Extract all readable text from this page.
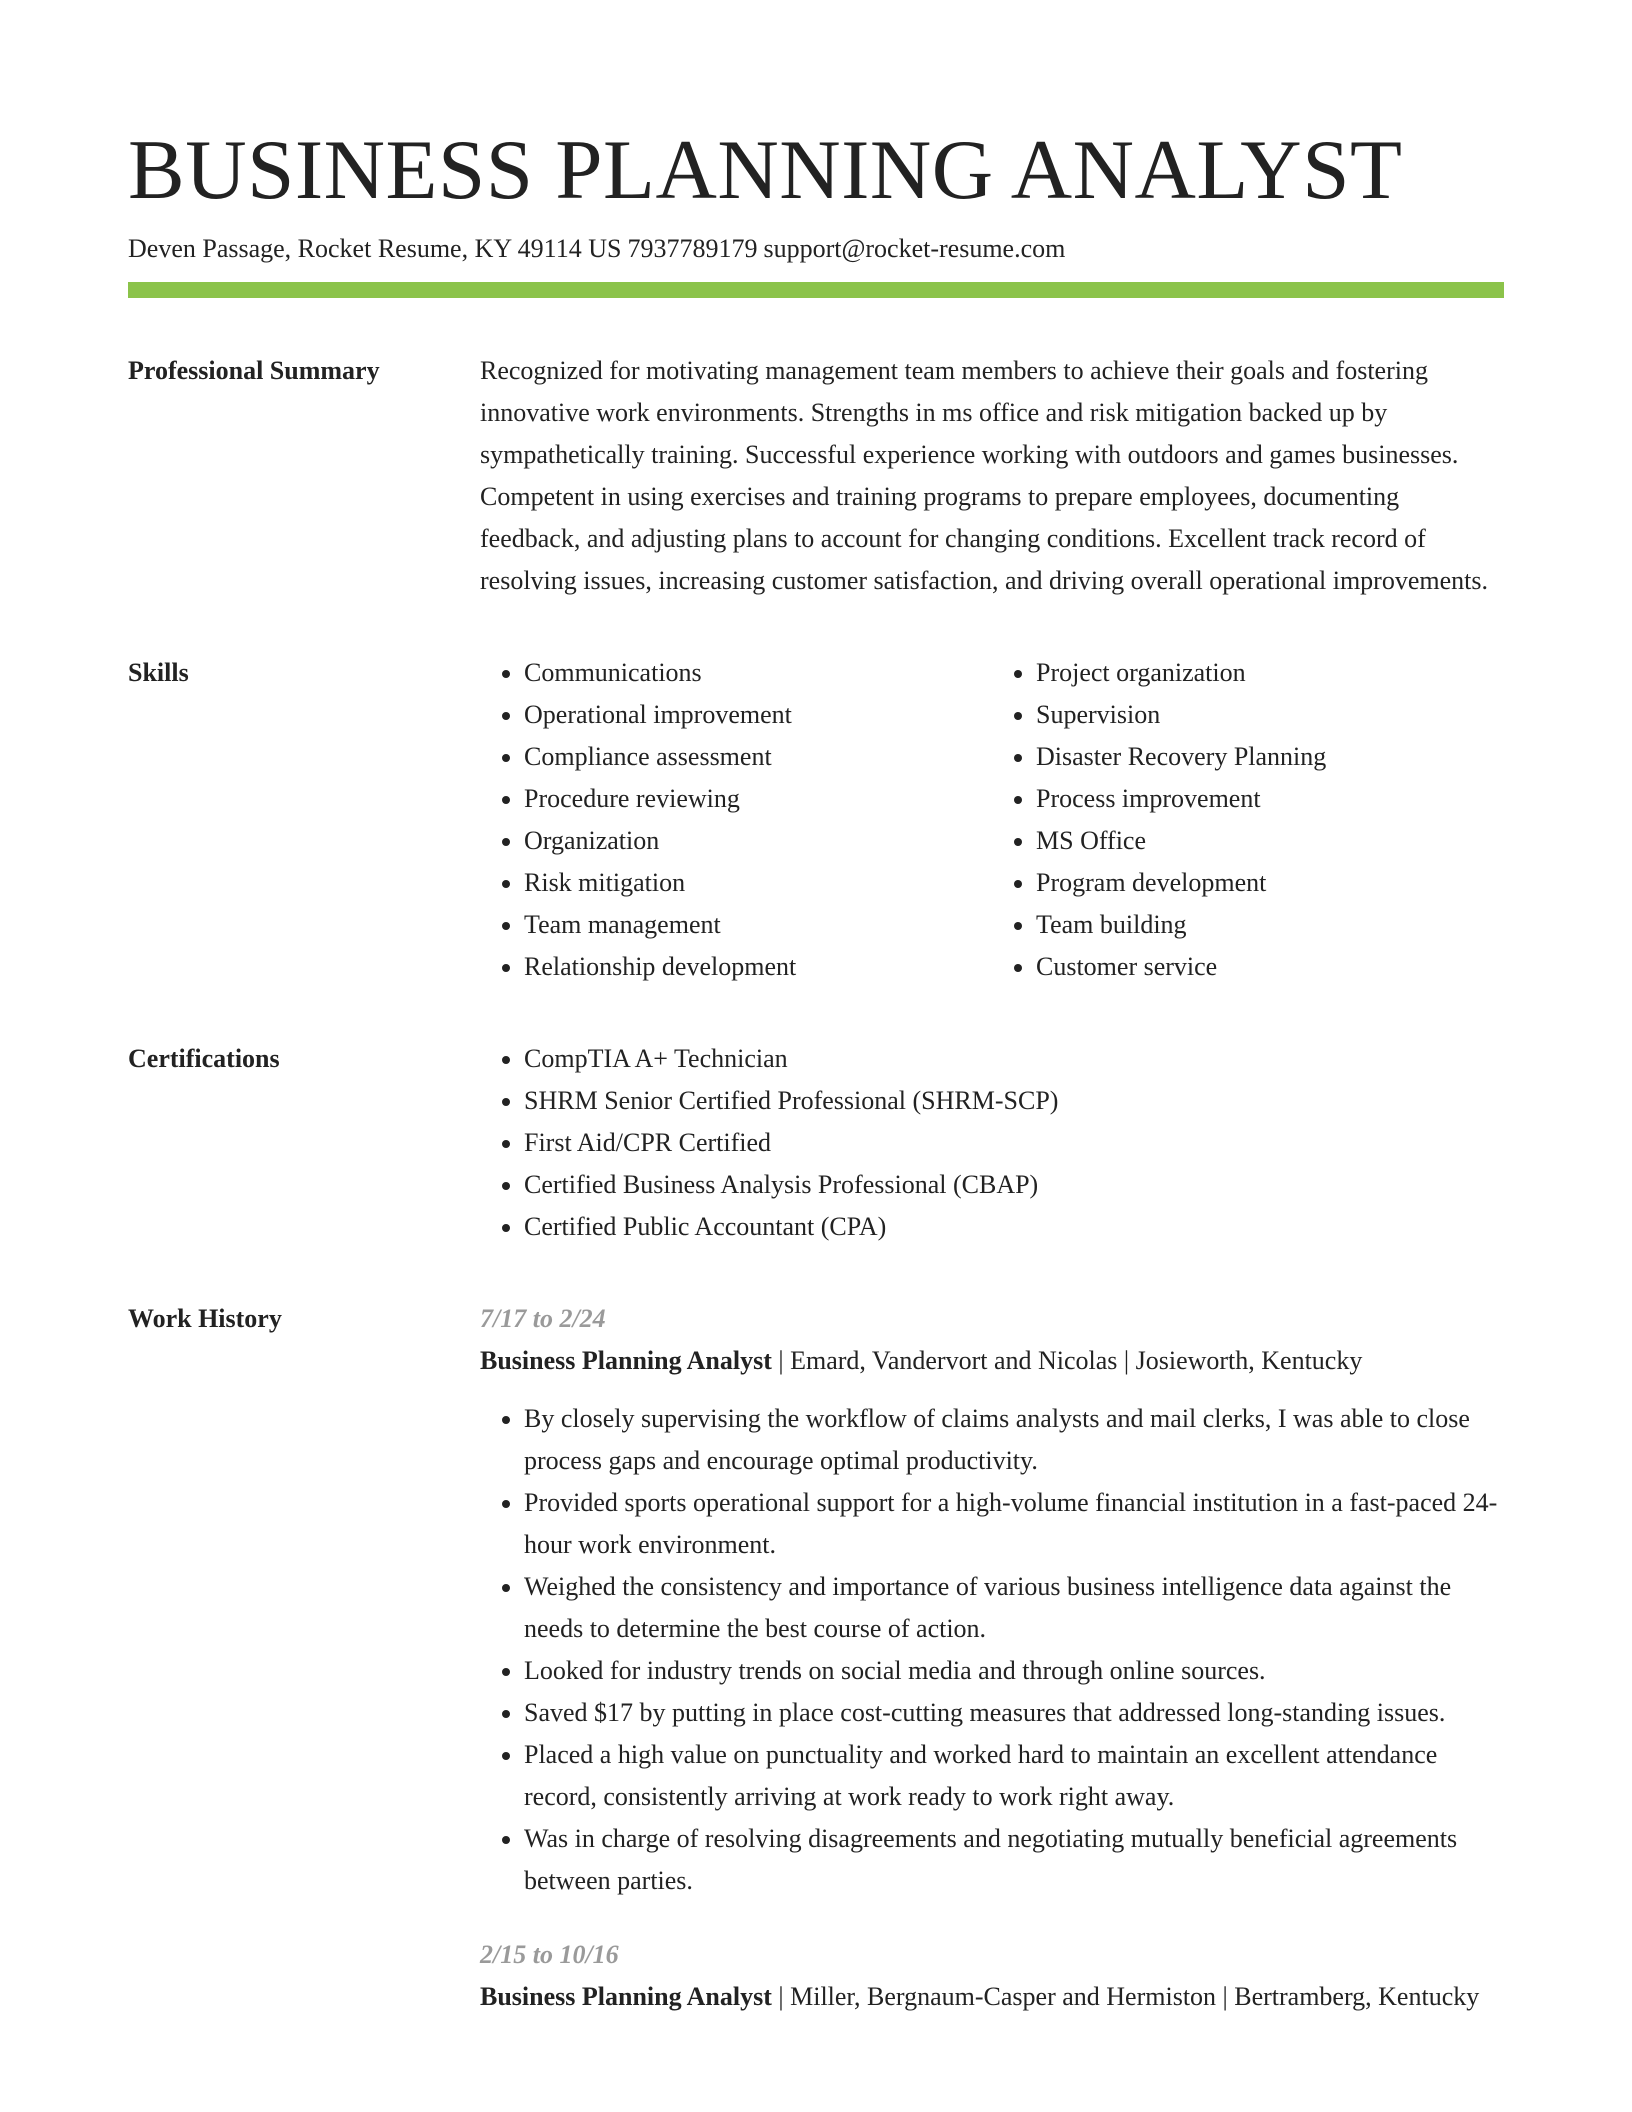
BUSINESS PLANNING ANALYST
Deven Passage, Rocket Resume, KY 49114 US 7937789179 support@rocket-resume.com
Professional Summary	Recognized for motivating management team members to achieve their goals and fostering innovative work environments. Strengths in ms office and risk mitigation backed up by sympathetically training. Successful experience working with outdoors and games businesses. Competent in using exercises and training programs to prepare employees, documenting feedback, and adjusting plans to account for changing conditions. Excellent track record of resolving issues, increasing customer satisfaction, and driving overall operational improvements.

Skills	• Communications
• Operational improvement
• Compliance assessment
• Procedure reviewing
• Organization
• Risk mitigation
• Team management
• Relationship development
• Project organization
• Supervision
• Disaster Recovery Planning
• Process improvement
• MS Office
• Program development
• Team building
• Customer service
Certifications	• CompTIA A+ Technician
• SHRM Senior Certified Professional (SHRM-SCP)
• First Aid/CPR Certified
• Certified Business Analysis Professional (CBAP)
• Certified Public Accountant (CPA)
Work History	7/17 to 2/24
Business Planning Analyst | Emard, Vandervort and Nicolas | Josieworth, Kentucky
• By closely supervising the workflow of claims analysts and mail clerks, I was able to close process gaps and encourage optimal productivity.
• Provided sports operational support for a high-volume financial institution in a fast-paced 24-hour work environment.
• Weighed the consistency and importance of various business intelligence data against the needs to determine the best course of action.
• Looked for industry trends on social media and through online sources.
• Saved $17 by putting in place cost-cutting measures that addressed long-standing issues.
• Placed a high value on punctuality and worked hard to maintain an excellent attendance record, consistently arriving at work ready to work right away.
• Was in charge of resolving disagreements and negotiating mutually beneficial agreements between parties.
2/15 to 10/16
Business Planning Analyst | Miller, Bergnaum-Casper and Hermiston | Bertramberg, Kentucky
